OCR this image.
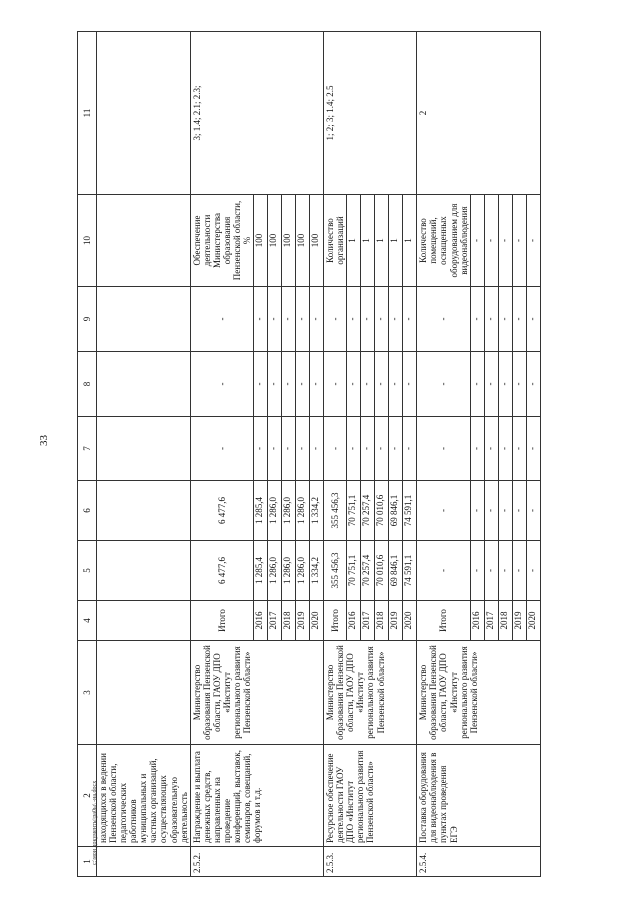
33
c:\мои документы\ра0ы\ -на.docx
1	2	3	4	5	6	7	8	9	10	11
	находящихся в ведении Пензенской области, педагогических работников муниципальных и частных организаций, осуществляющих образовательную деятельность									
2.5.2.	Награждение и выплата денежных средств, направленных на проведение конференций, выставок, семинаров, совещаний, форумов и т.д.	Министерство образования Пензенской области, ГАОУ ДПО «Институт регионального развития Пензенской области»	Итого	6 477,6	6 477,6	-	-	-	Обеспечение деятельности Министерства образования Пензенской области, %	3; 1.4; 2.1; 2.3;
			2016	1 285,4	1 285,4	-	-	-	100	
			2017	1 286,0	1 286,0	-	-	-	100	
			2018	1 286,0	1 286,0	-	-	-	100	
			2019	1 286,0	1 286,0	-	-	-	100	
			2020	1 334,2	1 334,2	-	-	-	100	
2.5.3.	Ресурсное обеспечение деятельности ГАОУ ДПО «Институт регионального развития Пензенской области»	Министерство образования Пензенской области, ГАОУ ДПО «Институт регионального развития Пензенской области»	Итого	355 456,3	355 456,3	-	-	-	Количество организаций	1; 2; 3; 1.4; 2.5
			2016	70 751,1	70 751,1	-	-	-	1	
			2017	70 257,4	70 257,4	-	-	-	1	
			2018	70 010,6	70 010,6	-	-	-	1	
			2019	69 846,1	69 846,1	-	-	-	1	
			2020	74 591,1	74 591,1	-	-	-	1	
2.5.4.	Поставка оборудования для видеонаблюдения в пунктах проведения ЕГЭ	Министерство образования Пензенской области, ГАОУ ДПО «Институт регионального развития Пензенской области»	Итого	-	-	-	-	-	Количество помещений, оснащенных оборудованием для видеонаблюдения	2
			2016	-	-	-	-	-	-	
			2017	-	-	-	-	-	-	
			2018	-	-	-	-	-	-	
			2019	-	-	-	-	-	-	
			2020	-	-	-	-	-	-	
